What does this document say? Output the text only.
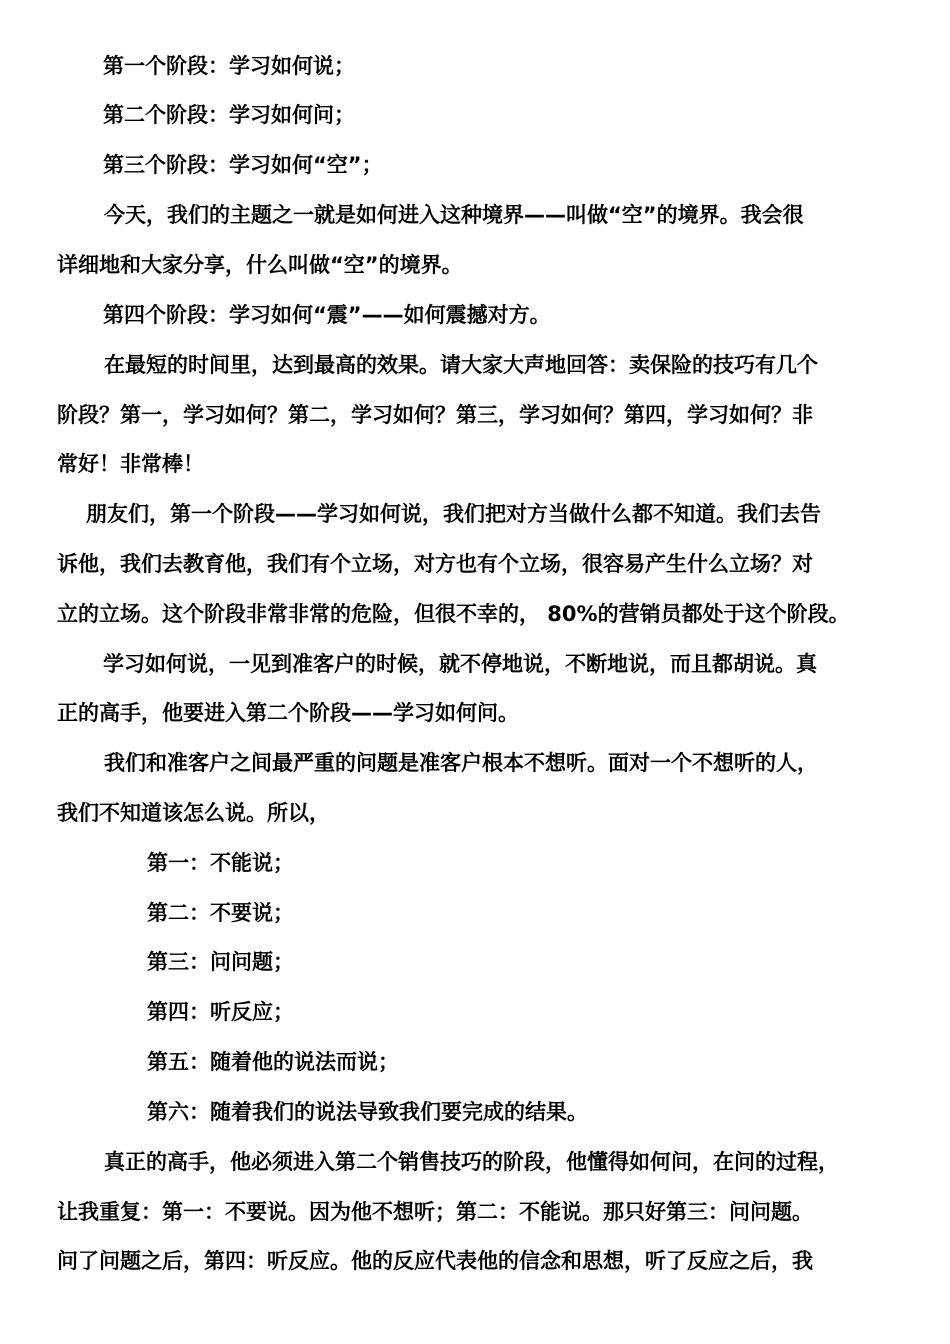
第一个阶段：学习如何说；
第二个阶段：学习如何问；
第三个阶段：学习如何“空”；
今天，我们的主题之一就是如何进入这种境界——叫做“空”的境界。我会很
详细地和大家分享，什么叫做“空”的境界。
第四个阶段：学习如何“震”——如何震撼对方。
在最短的时间里，达到最高的效果。请大家大声地回答：卖保险的技巧有几个
阶段？第一，学习如何？第二，学习如何？第三，学习如何？第四，学习如何？非
常好！非常棒！
朋友们，第一个阶段——学习如何说，我们把对方当做什么都不知道。我们去告
诉他，我们去教育他，我们有个立场，对方也有个立场，很容易产生什么立场？对
立的立场。这个阶段非常非常的危险，但很不幸的， 80%的营销员都处于这个阶段。
学习如何说，一见到准客户的时候，就不停地说，不断地说，而且都胡说。真
正的高手，他要进入第二个阶段——学习如何问。
我们和准客户之间最严重的问题是准客户根本不想听。面对一个不想听的人，
我们不知道该怎么说。所以，
第一：不能说；
第二：不要说；
第三：问问题；
第四：听反应；
第五：随着他的说法而说；
第六：随着我们的说法导致我们要完成的结果。
真正的高手，他必须进入第二个销售技巧的阶段，他懂得如何问，在问的过程，
让我重复：第一：不要说。因为他不想听；第二：不能说。那只好第三：问问题。
问了问题之后，第四：听反应。他的反应代表他的信念和思想，听了反应之后，我
